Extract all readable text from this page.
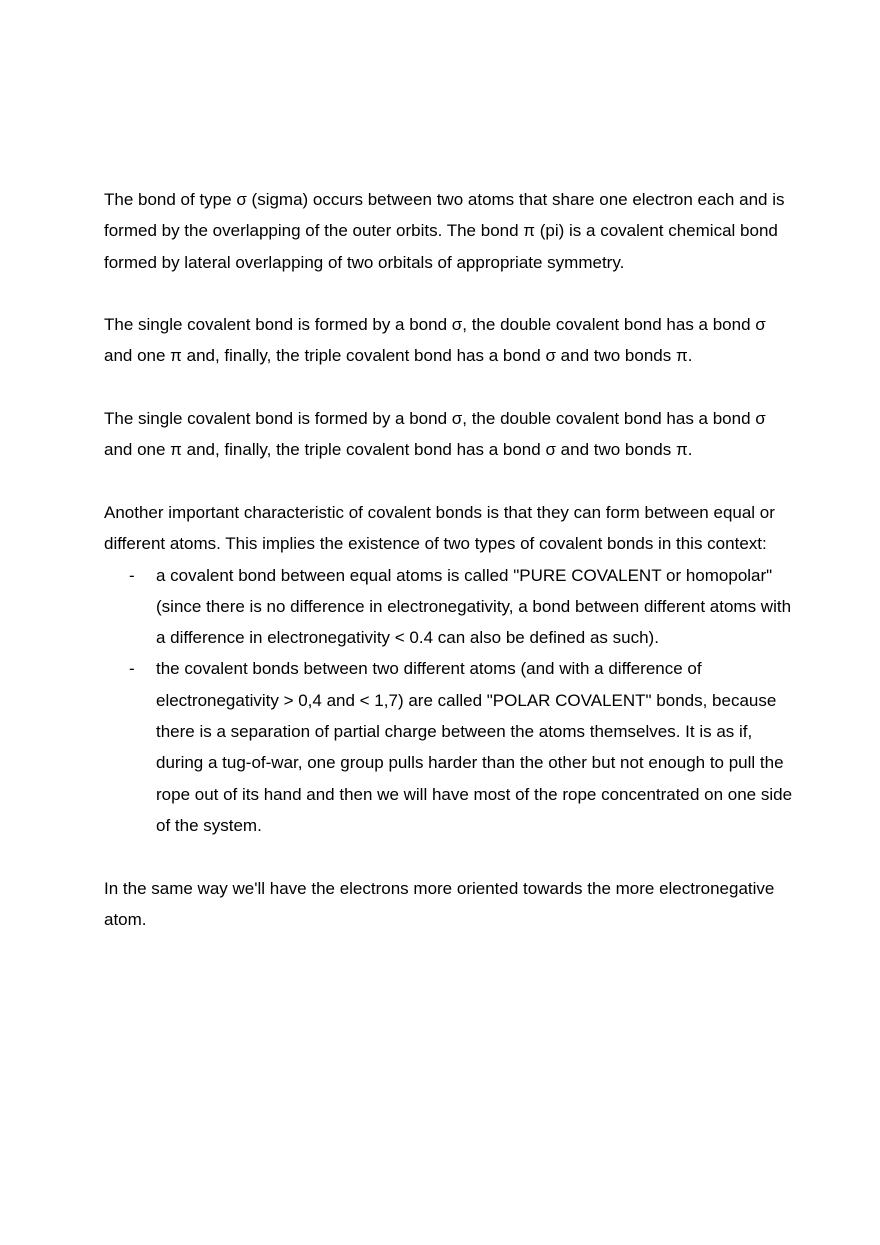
The bond of type σ (sigma) occurs between two atoms that share one electron each and is formed by the overlapping of the outer orbits. The bond π (pi) is a covalent chemical bond formed by lateral overlapping of two orbitals of appropriate symmetry.

The single covalent bond is formed by a bond σ, the double covalent bond has a bond σ and one π and, finally, the triple covalent bond has a bond σ and two bonds π.

The single covalent bond is formed by a bond σ, the double covalent bond has a bond σ and one π and, finally, the triple covalent bond has a bond σ and two bonds π.

Another important characteristic of covalent bonds is that they can form between equal or different atoms. This implies the existence of two types of covalent bonds in this context:

- a covalent bond between equal atoms is called "PURE COVALENT or homopolar" (since there is no difference in electronegativity, a bond between different atoms with a difference in electronegativity < 0.4 can also be defined as such).
- the covalent bonds between two different atoms (and with a difference of electronegativity > 0,4 and < 1,7) are called "POLAR COVALENT" bonds, because there is a separation of partial charge between the atoms themselves. It is as if, during a tug-of-war, one group pulls harder than the other but not enough to pull the rope out of its hand and then we will have most of the rope concentrated on one side of the system.

In the same way we'll have the electrons more oriented towards the more electronegative atom.
